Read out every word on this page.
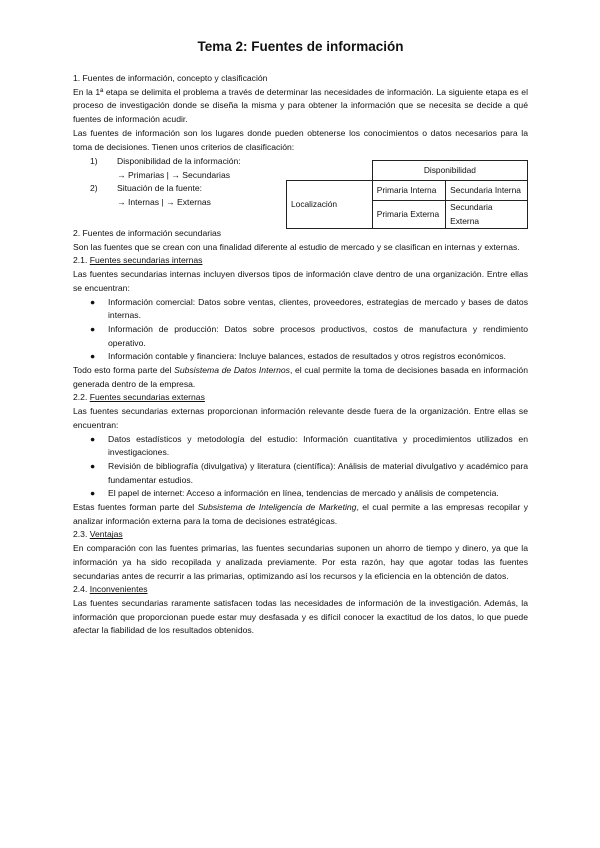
Tema 2: Fuentes de información

1. Fuentes de información, concepto y clasificación

En la 1ª etapa se delimita el problema a través de determinar las necesidades de información. La siguiente etapa es el proceso de investigación donde se diseña la misma y para obtener la información que se necesita se decide a qué fuentes de información acudir.

Las fuentes de información son los lugares donde pueden obtenerse los conocimientos o datos necesarios para la toma de decisiones. Tienen unos criterios de clasificación:

1) Disponibilidad de la información:
→ Primarias | → Secundarias
2) Situación de la fuente:
→ Internas | → Externas
	Disponibilidad	
Localización	Primaria Interna	Secundaria Interna
	Primaria Externa	Secundaria Externa

2. Fuentes de información secundarias

Son las fuentes que se crean con una finalidad diferente al estudio de mercado y se clasifican en internas y externas.

2.1. Fuentes secundarias internas

Las fuentes secundarias internas incluyen diversos tipos de información clave dentro de una organización. Entre ellas se encuentran:

● Información comercial: Datos sobre ventas, clientes, proveedores, estrategias de mercado y bases de datos internas.
● Información de producción: Datos sobre procesos productivos, costos de manufactura y rendimiento operativo.
● Información contable y financiera: Incluye balances, estados de resultados y otros registros económicos.

Todo esto forma parte del Subsistema de Datos Internos, el cual permite la toma de decisiones basada en información generada dentro de la empresa.

2.2. Fuentes secundarias externas

Las fuentes secundarias externas proporcionan información relevante desde fuera de la organización. Entre ellas se encuentran:

● Datos estadísticos y metodología del estudio: Información cuantitativa y procedimientos utilizados en investigaciones.
● Revisión de bibliografía (divulgativa) y literatura (científica): Análisis de material divulgativo y académico para fundamentar estudios.
● El papel de internet: Acceso a información en línea, tendencias de mercado y análisis de competencia.

Estas fuentes forman parte del Subsistema de Inteligencia de Marketing, el cual permite a las empresas recopilar y analizar información externa para la toma de decisiones estratégicas.

2.3. Ventajas

En comparación con las fuentes primarias, las fuentes secundarias suponen un ahorro de tiempo y dinero, ya que la información ya ha sido recopilada y analizada previamente. Por esta razón, hay que agotar todas las fuentes secundarias antes de recurrir a las primarias, optimizando así los recursos y la eficiencia en la obtención de datos.

2.4. Inconvenientes

Las fuentes secundarias raramente satisfacen todas las necesidades de información de la investigación. Además, la información que proporcionan puede estar muy desfasada y es difícil conocer la exactitud de los datos, lo que puede afectar la fiabilidad de los resultados obtenidos.
